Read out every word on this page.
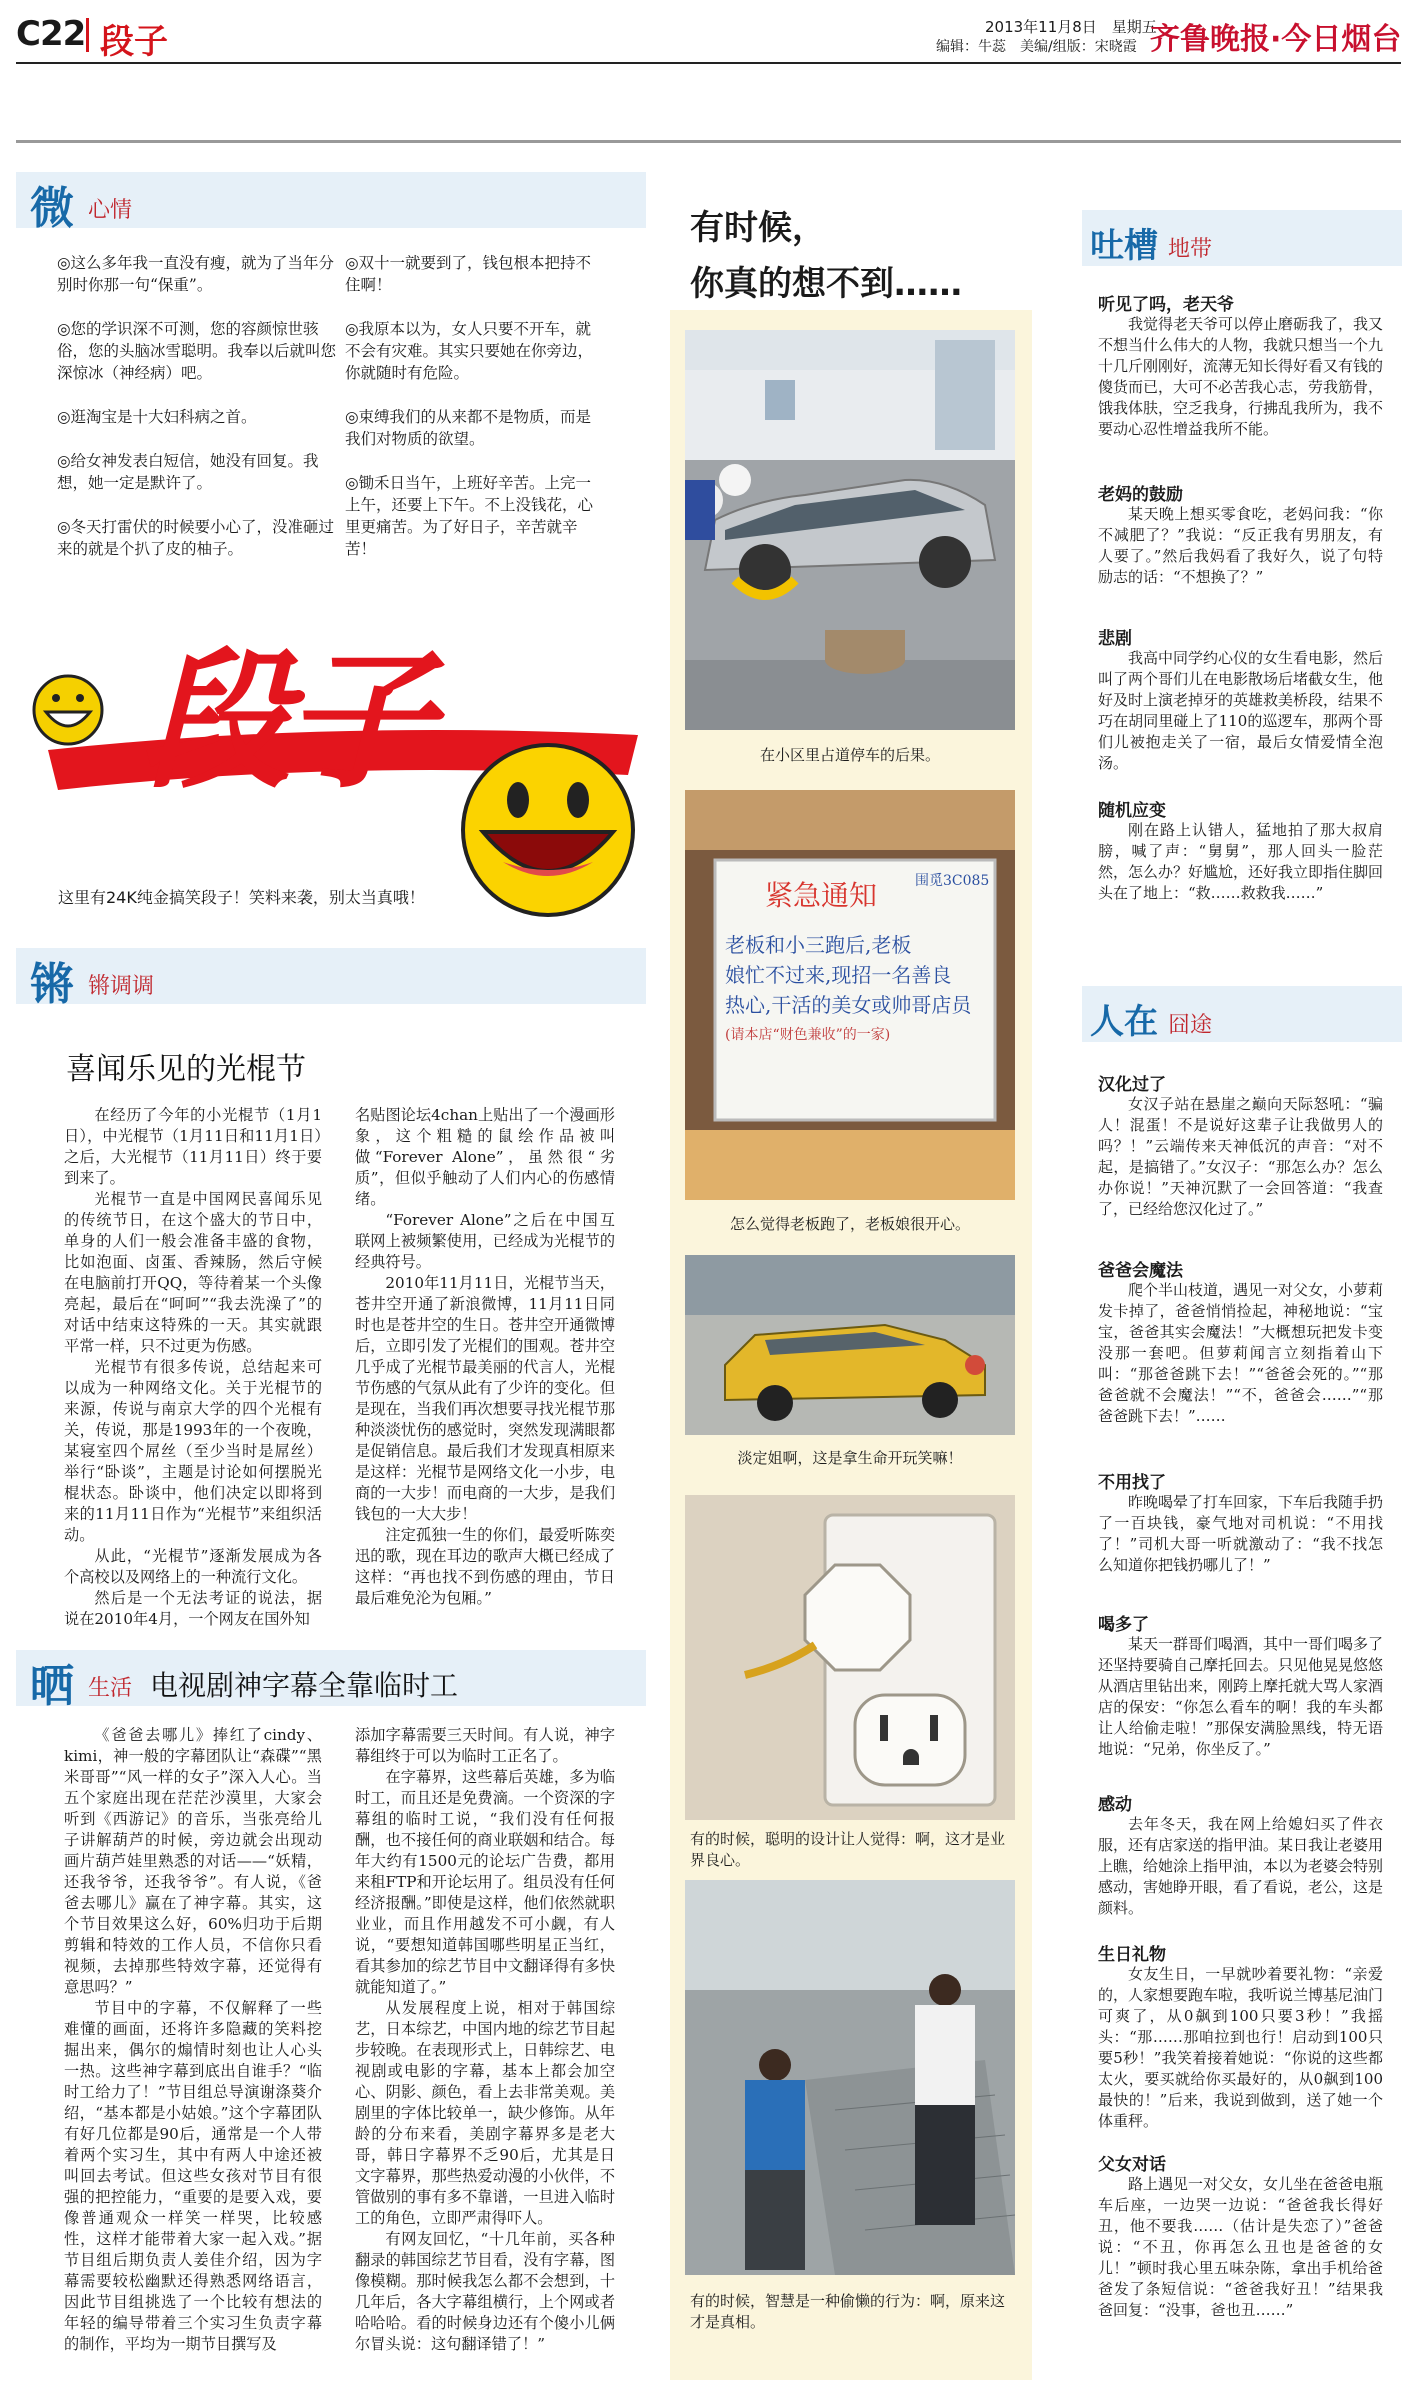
C22 段子	2013年11月8日　星期五
编辑：牛蕊　美编/组版：宋晓霞 齐鲁晚报·今日烟台
微 心情

◎这么多年我一直没有瘦，就为了当年分别时你那一句“保重”。

◎您的学识深不可测，您的容颜惊世骇俗，您的头脑冰雪聪明。我奉以后就叫您深惊冰（神经病）吧。

◎逛淘宝是十大妇科病之首。

◎给女神发表白短信，她没有回复。我想，她一定是默许了。

◎冬天打雷伏的时候要小心了，没准砸过来的就是个扒了皮的柚子。

◎双十一就要到了，钱包根本把持不住啊！

◎我原本以为，女人只要不开车，就不会有灾难。其实只要她在你旁边，你就随时有危险。

◎束缚我们的从来都不是物质，而是我们对物质的欲望。

◎锄禾日当午，上班好辛苦。上完一上午，还要上下午。不上没钱花，心里更痛苦。为了好日子，辛苦就辛苦！

段子
这里有24K纯金搞笑段子！笑料来袭，别太当真哦！
锵 锵调调
喜闻乐见的光棍节

在经历了今年的小光棍节（1月1日），中光棍节（1月11日和11月1日）之后，大光棍节（11月11日）终于要到来了。

光棍节一直是中国网民喜闻乐见的传统节日，在这个盛大的节日中，单身的人们一般会准备丰盛的食物，比如泡面、卤蛋、香辣肠，然后守候在电脑前打开QQ，等待着某一个头像亮起，最后在“呵呵”“我去洗澡了”的对话中结束这特殊的一天。其实就跟平常一样，只不过更为伤感。

光棍节有很多传说，总结起来可以成为一种网络文化。关于光棍节的来源，传说与南京大学的四个光棍有关，传说，那是1993年的一个夜晚，某寝室四个屌丝（至少当时是屌丝）举行“卧谈”，主题是讨论如何摆脱光棍状态。卧谈中，他们决定以即将到来的11月11日作为“光棍节”来组织活动。

从此，“光棍节”逐渐发展成为各个高校以及网络上的一种流行文化。

然后是一个无法考证的说法，据说在2010年4月，一个网友在国外知

名贴图论坛4chan上贴出了一个漫画形象，这个粗糙的鼠绘作品被叫做“Forever Alone”，虽然很“劣质”，但似乎触动了人们内心的伤感情绪。

“Forever Alone”之后在中国互联网上被频繁使用，已经成为光棍节的经典符号。

2010年11月11日，光棍节当天，苍井空开通了新浪微博，11月11日同时也是苍井空的生日。苍井空开通微博后，立即引发了光棍们的围观。苍井空几乎成了光棍节最美丽的代言人，光棍节伤感的气氛从此有了少许的变化。但是现在，当我们再次想要寻找光棍节那种淡淡忧伤的感觉时，突然发现满眼都是促销信息。最后我们才发现真相原来是这样：光棍节是网络文化一小步，电商的一大步！而电商的一大步，是我们钱包的一大大步！

注定孤独一生的你们，最爱听陈奕迅的歌，现在耳边的歌声大概已经成了这样：“再也找不到伤感的理由，节日最后难免沦为包厢。”

晒 生活 电视剧神字幕全靠临时工

《爸爸去哪儿》捧红了cindy、kimi，神一般的字幕团队让“森碟”“黑米哥哥”“风一样的女子”深入人心。当五个家庭出现在茫茫沙漠里，大家会听到《西游记》的音乐，当张亮给儿子讲解葫芦的时候，旁边就会出现动画片葫芦娃里熟悉的对话——“妖精，还我爷爷，还我爷爷”。有人说，《爸爸去哪儿》赢在了神字幕。其实，这个节目效果这么好，60%归功于后期剪辑和特效的工作人员，不信你只看视频，去掉那些特效字幕，还觉得有意思吗？”

节目中的字幕，不仅解释了一些难懂的画面，还将许多隐藏的笑料挖掘出来，偶尔的煽情时刻也让人心头一热。这些神字幕到底出自谁手？“临时工给力了！”节目组总导演谢涤葵介绍，“基本都是小姑娘。”这个字幕团队有好几位都是90后，通常是一个人带着两个实习生，其中有两人中途还被叫回去考试。但这些女孩对节目有很强的把控能力，“重要的是要入戏，要像普通观众一样笑一样哭，比较感性，这样才能带着大家一起入戏。”据节目组后期负责人姜佳介绍，因为字幕需要较松幽默还得熟悉网络语言，因此节目组挑选了一个比较有想法的年轻的编导带着三个实习生负责字幕的制作，平均为一期节目撰写及

添加字幕需要三天时间。有人说，神字幕组终于可以为临时工正名了。

在字幕界，这些幕后英雄，多为临时工，而且还是免费滴。一个资深的字幕组的临时工说，“我们没有任何报酬，也不接任何的商业联姻和结合。每年大约有1500元的论坛广告费，都用来租FTP和开论坛用了。组员没有任何经济报酬。”即使是这样，他们依然就职业业，而且作用越发不可小觑，有人说，“要想知道韩国哪些明星正当红，看其参加的综艺节目中文翻译得有多快就能知道了。”

从发展程度上说，相对于韩国综艺，日本综艺，中国内地的综艺节目起步较晚。在表现形式上，日韩综艺、电视剧或电影的字幕，基本上都会加空心、阴影、颜色，看上去非常美观。美剧里的字体比较单一，缺少修饰。从年龄的分布来看，美剧字幕界多是老大哥，韩日字幕界不乏90后，尤其是日文字幕界，那些热爱动漫的小伙伴，不管做别的事有多不靠谱，一旦进入临时工的角色，立即严肃得吓人。

有网友回忆，“十几年前，买各种翻录的韩国综艺节目看，没有字幕，图像模糊。那时候我怎么都不会想到，十几年后，各大字幕组横行，上个网或者哈哈哈。看的时候身边还有个傻小儿俩尔冒头说：这句翻译错了！”

有时候，
你真的想不到……
在小区里占道停车的后果。
紧急通知	围觅3C085
老板和小三跑后,老板
娘忙不过来,现招一名善良
热心,干活的美女或帅哥店员
(请本店“财色兼收”的一家)
怎么觉得老板跑了，老板娘很开心。
淡定姐啊，这是拿生命开玩笑嘛！
有的时候，聪明的设计让人觉得：啊，这才是业界良心。
有的时候，智慧是一种偷懒的行为：啊，原来这才是真相。
吐槽 地带
听见了吗，老天爷

我觉得老天爷可以停止磨砺我了，我又不想当什么伟大的人物，我就只想当一个九十几斤刚刚好，流薄无知长得好看又有钱的傻货而已，大可不必苦我心志，劳我筋骨，饿我体肤，空乏我身，行拂乱我所为，我不要动心忍性增益我所不能。

老妈的鼓励

某天晚上想买零食吃，老妈问我：“你不减肥了？”我说：“反正我有男朋友，有人要了。”然后我妈看了我好久，说了句特励志的话：“不想换了？”

悲剧

我高中同学约心仪的女生看电影，然后叫了两个哥们儿在电影散场后堵截女生，他好及时上演老掉牙的英雄救美桥段，结果不巧在胡同里碰上了110的巡逻车，那两个哥们儿被抱走关了一宿，最后女情爱情全泡汤。

随机应变

刚在路上认错人，猛地拍了那大叔肩膀，喊了声：“舅舅”，那人回头一脸茫然，怎么办？好尴尬，还好我立即指住脚回头在了地上：“救……救救我……”

人在 囧途
汉化过了

女汉子站在悬崖之巅向天际怒吼：“骗人！混蛋！不是说好这辈子让我做男人的吗？！”云端传来天神低沉的声音：“对不起，是搞错了。”女汉子：“那怎么办？怎么办你说！”天神沉默了一会回答道：“我查了，已经给您汉化过了。”

爸爸会魔法

爬个半山枝道，遇见一对父女，小萝莉发卡掉了，爸爸悄悄捡起，神秘地说：“宝宝，爸爸其实会魔法！”大概想玩把发卡变没那一套吧。但萝莉闻言立刻指着山下叫：“那爸爸跳下去！”“爸爸会死的。”“那爸爸就不会魔法！”“不，爸爸会……”“那爸爸跳下去！”……

不用找了

昨晚喝晕了打车回家，下车后我随手扔了一百块钱，豪气地对司机说：“不用找了！”司机大哥一听就激动了：“我不找怎么知道你把钱扔哪儿了！”

喝多了

某天一群哥们喝酒，其中一哥们喝多了还坚持要骑自己摩托回去。只见他晃晃悠悠从酒店里钻出来，刚跨上摩托就大骂人家酒店的保安：“你怎么看车的啊！我的车头都让人给偷走啦！”那保安满脸黑线，特无语地说：“兄弟，你坐反了。”

感动

去年冬天，我在网上给媳妇买了件衣服，还有店家送的指甲油。某日我让老婆用上瞧，给她涂上指甲油，本以为老婆会特别感动，害她睁开眼，看了看说，老公，这是颜料。

生日礼物

女友生日，一早就吵着要礼物：“亲爱的，人家想要跑车啦，我听说兰博基尼油门可爽了，从0飙到100只要3秒！”我摇头：“那……那咱拉到也行！启动到100只要5秒！”我笑着接着她说：“你说的这些都太火，要买就给你买最好的，从0飙到100最快的！”后来，我说到做到，送了她一个体重秤。

父女对话

路上遇见一对父女，女儿坐在爸爸电瓶车后座，一边哭一边说：“爸爸我长得好丑，他不要我……（估计是失恋了）”爸爸说：“不丑，你再怎么丑也是爸爸的女儿！”顿时我心里五味杂陈，拿出手机给爸爸发了条短信说：“爸爸我好丑！”结果我爸回复：“没事，爸也丑……”
